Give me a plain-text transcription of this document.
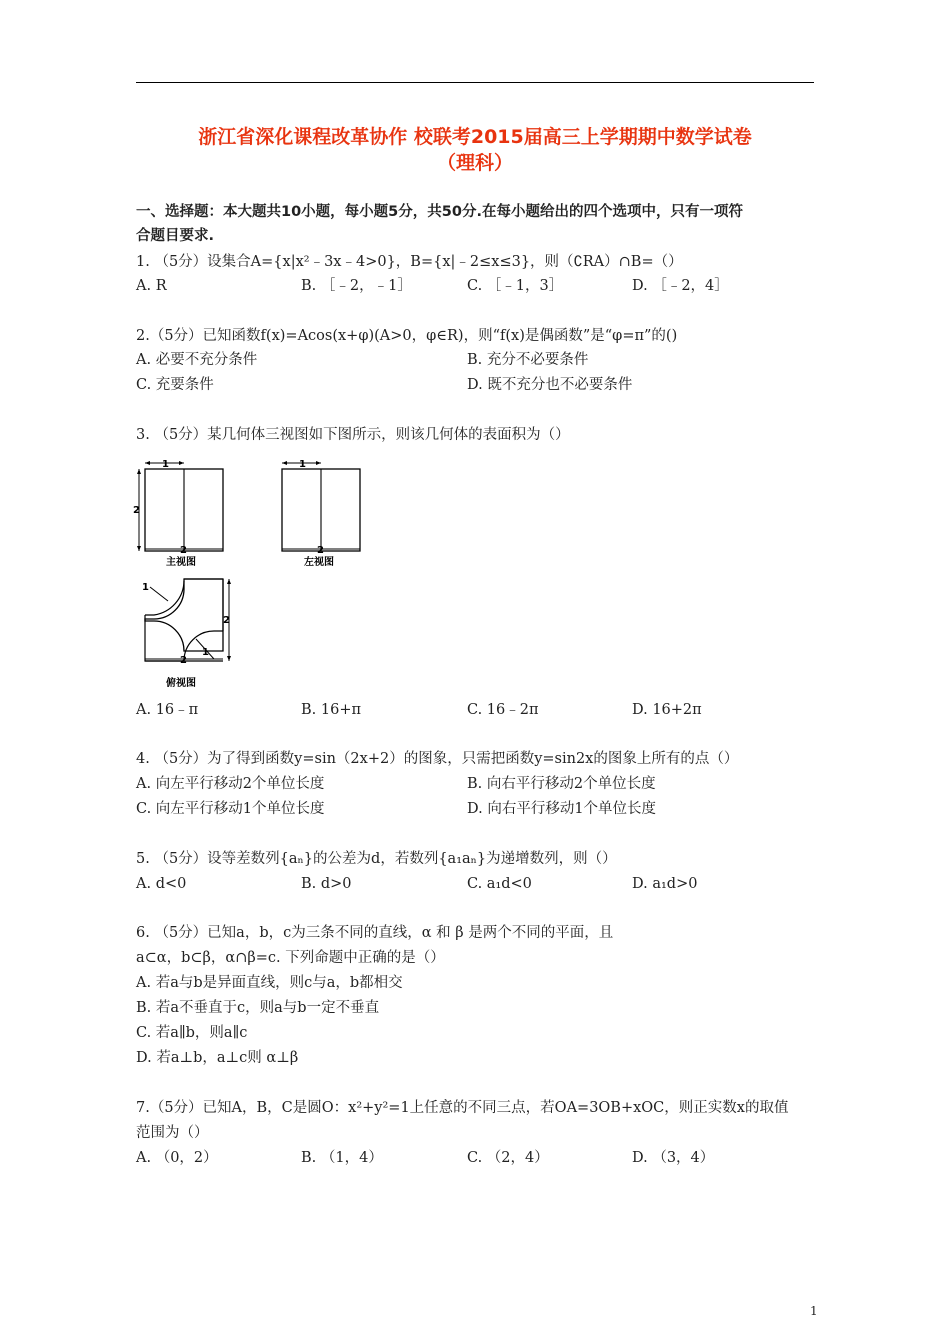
浙江省深化课程改革协作 校联考2015届高三上学期期中数学试卷
（理科）
一、选择题：本大题共10小题，每小题5分，共50分.在每小题给出的四个选项中，只有一项符
合题目要求.
1. （5分）设集合A={x|x²﹣3x﹣4>0}，B={x|﹣2≤x≤3}，则（∁RA）∩B=（）
A. R	B. ［﹣2，﹣1］	C. ［﹣1，3］	D. ［﹣2，4］
2.（5分）已知函数f(x)=Acos(x+φ)(A>0，φ∈R)，则“f(x)是偶函数”是“φ=π”的()
A. 必要不充分条件	B. 充分不必要条件
C. 充要条件	D. 既不充分也不必要条件
3. （5分）某几何体三视图如下图所示，则该几何体的表面积为（）
1
2
2
主视图
1
2
左视图
1
1
2
2
俯视图
A. 16﹣π	B. 16+π	C. 16﹣2π	D. 16+2π
4. （5分）为了得到函数y=sin（2x+2）的图象，只需把函数y=sin2x的图象上所有的点（）
A. 向左平行移动2个单位长度	B. 向右平行移动2个单位长度
C. 向左平行移动1个单位长度	D. 向右平行移动1个单位长度
5. （5分）设等差数列{aₙ}的公差为d，若数列{a₁aₙ}为递增数列，则（）
A. d<0	B. d>0	C. a₁d<0	D. a₁d>0
6. （5分）已知a，b，c为三条不同的直线，α 和 β 是两个不同的平面，且
a⊂α，b⊂β，α∩β=c. 下列命题中正确的是（）
A. 若a与b是异面直线，则c与a，b都相交
B. 若a不垂直于c，则a与b一定不垂直
C. 若a∥b，则a∥c
D. 若a⊥b，a⊥c则 α⊥β
7.（5分）已知A，B，C是圆O：x²+y²=1上任意的不同三点，若OA=3OB+xOC，则正实数x的取值
范围为（）
A. （0，2）	B. （1，4）	C. （2，4）	D. （3，4）
1
